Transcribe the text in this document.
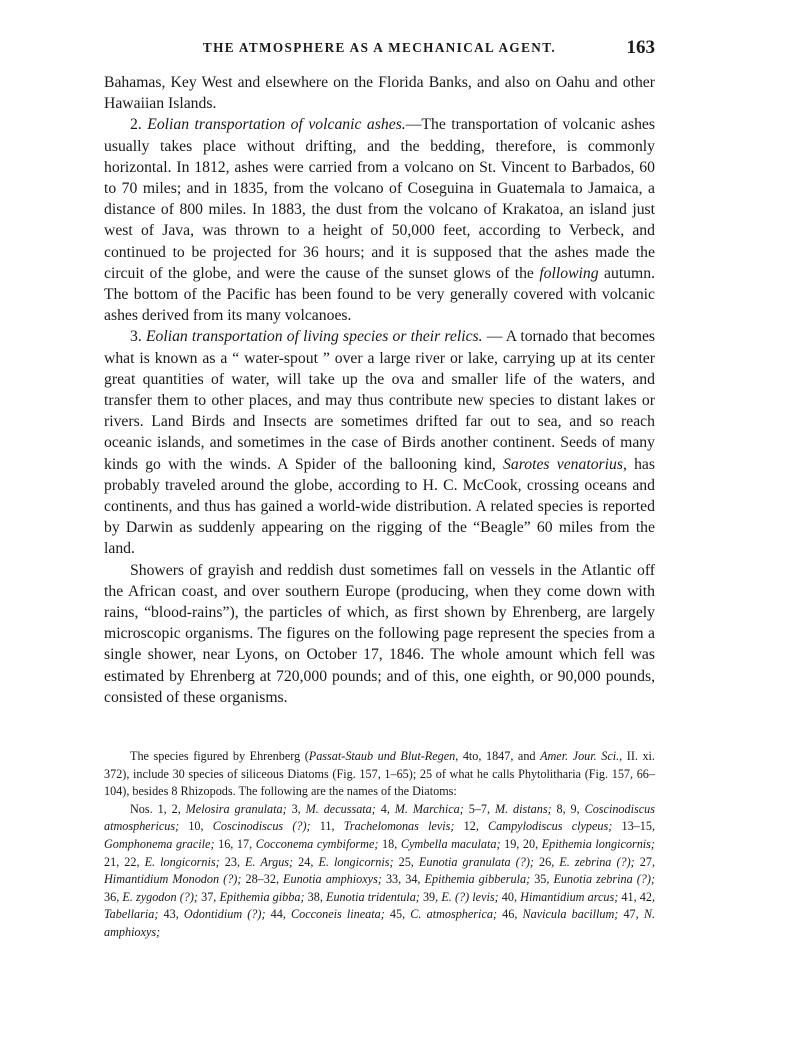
THE ATMOSPHERE AS A MECHANICAL AGENT.	163

Bahamas, Key West and elsewhere on the Florida Banks, and also on Oahu and other Hawaiian Islands.

2. Eolian transportation of volcanic ashes.—The transportation of volcanic ashes usually takes place without drifting, and the bedding, therefore, is commonly horizontal. In 1812, ashes were carried from a volcano on St. Vincent to Barbados, 60 to 70 miles; and in 1835, from the volcano of Coseguina in Guatemala to Jamaica, a distance of 800 miles. In 1883, the dust from the volcano of Krakatoa, an island just west of Java, was thrown to a height of 50,000 feet, according to Verbeck, and continued to be projected for 36 hours; and it is supposed that the ashes made the circuit of the globe, and were the cause of the sunset glows of the following autumn. The bottom of the Pacific has been found to be very generally covered with volcanic ashes derived from its many volcanoes.

3. Eolian transportation of living species or their relics. — A tornado that becomes what is known as a “ water-spout ” over a large river or lake, carrying up at its center great quantities of water, will take up the ova and smaller life of the waters, and transfer them to other places, and may thus contribute new species to distant lakes or rivers. Land Birds and Insects are sometimes drifted far out to sea, and so reach oceanic islands, and sometimes in the case of Birds another continent. Seeds of many kinds go with the winds. A Spider of the ballooning kind, Sarotes venatorius, has probably traveled around the globe, according to H. C. McCook, crossing oceans and continents, and thus has gained a world-wide distribution. A related species is reported by Darwin as suddenly appearing on the rigging of the “Beagle” 60 miles from the land.

Showers of grayish and reddish dust sometimes fall on vessels in the Atlantic off the African coast, and over southern Europe (producing, when they come down with rains, “blood-rains”), the particles of which, as first shown by Ehrenberg, are largely microscopic organisms. The figures on the following page represent the species from a single shower, near Lyons, on October 17, 1846. The whole amount which fell was estimated by Ehrenberg at 720,000 pounds; and of this, one eighth, or 90,000 pounds, consisted of these organisms.

The species figured by Ehrenberg (Passat-Staub und Blut-Regen, 4to, 1847, and Amer. Jour. Sci., II. xi. 372), include 30 species of siliceous Diatoms (Fig. 157, 1–65); 25 of what he calls Phytolitharia (Fig. 157, 66–104), besides 8 Rhizopods. The following are the names of the Diatoms:

Nos. 1, 2, Melosira granulata; 3, M. decussata; 4, M. Marchica; 5–7, M. distans; 8, 9, Coscinodiscus atmosphericus; 10, Coscinodiscus (?); 11, Trachelomonas levis; 12, Campylodiscus clypeus; 13–15, Gomphonema gracile; 16, 17, Cocconema cymbiforme; 18, Cymbella maculata; 19, 20, Epithemia longicornis; 21, 22, E. longicornis; 23, E. Argus; 24, E. longicornis; 25, Eunotia granulata (?); 26, E. zebrina (?); 27, Himantidium Monodon (?); 28–32, Eunotia amphioxys; 33, 34, Epithemia gibberula; 35, Eunotia zebrina (?); 36, E. zygodon (?); 37, Epithemia gibba; 38, Eunotia tridentula; 39, E. (?) levis; 40, Himantidium arcus; 41, 42, Tabellaria; 43, Odontidium (?); 44, Cocconeis lineata; 45, C. atmospherica; 46, Navicula bacillum; 47, N. amphioxys;
